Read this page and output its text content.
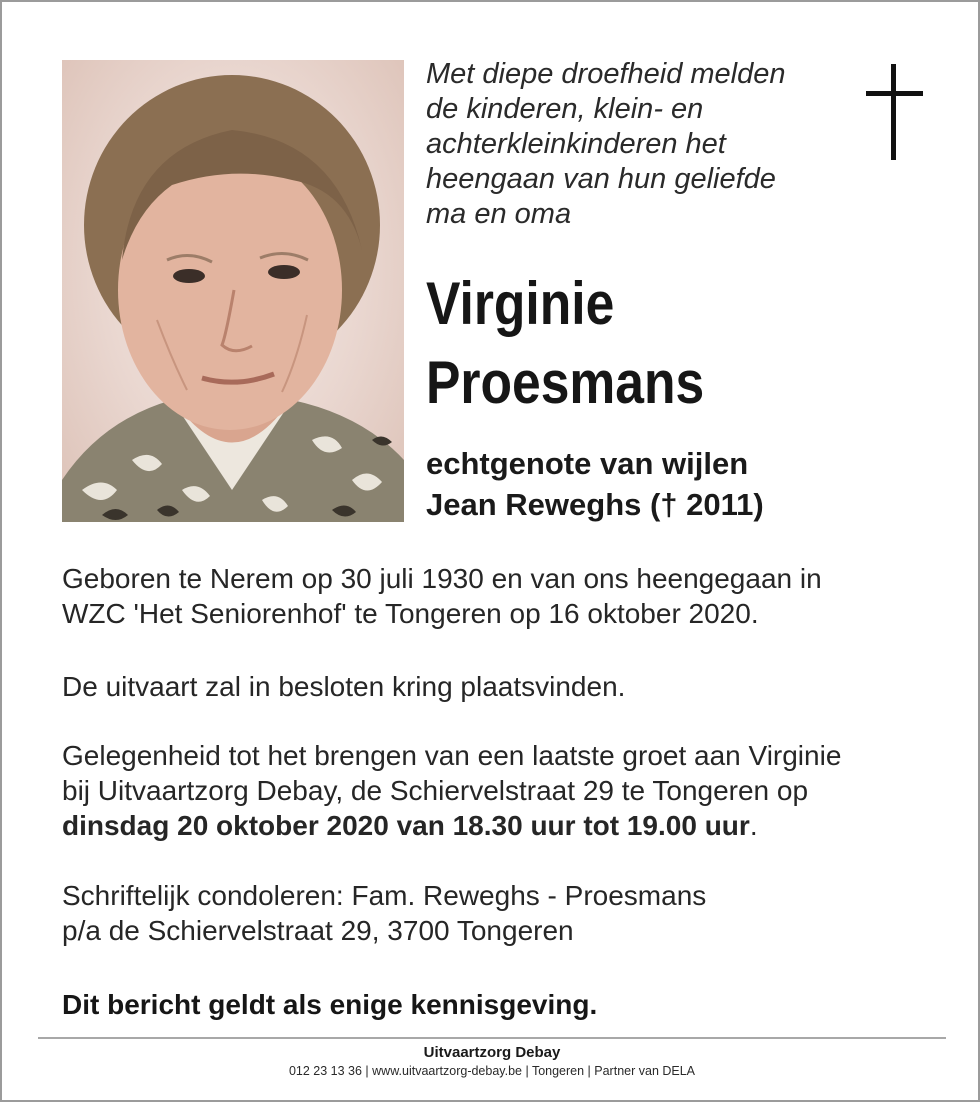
Met diepe droefheid melden
de kinderen, klein- en
achterkleinkinderen het
heengaan van hun geliefde
ma en oma
Virginie
Proesmans
echtgenote van wijlen
Jean Reweghs († 2011)
Geboren te Nerem op 30 juli 1930 en van ons heengegaan in
WZC 'Het Seniorenhof' te Tongeren op 16 oktober 2020.
De uitvaart zal in besloten kring plaatsvinden.
Gelegenheid tot het brengen van een laatste groet aan Virginie
bij Uitvaartzorg Debay, de Schiervelstraat 29 te Tongeren op
dinsdag 20 oktober 2020 van 18.30 uur tot 19.00 uur.
Schriftelijk condoleren: Fam. Reweghs - Proesmans
p/a de Schiervelstraat 29, 3700 Tongeren
Dit bericht geldt als enige kennisgeving.
Uitvaartzorg Debay
012 23 13 36 | www.uitvaartzorg-debay.be | Tongeren | Partner van DELA
